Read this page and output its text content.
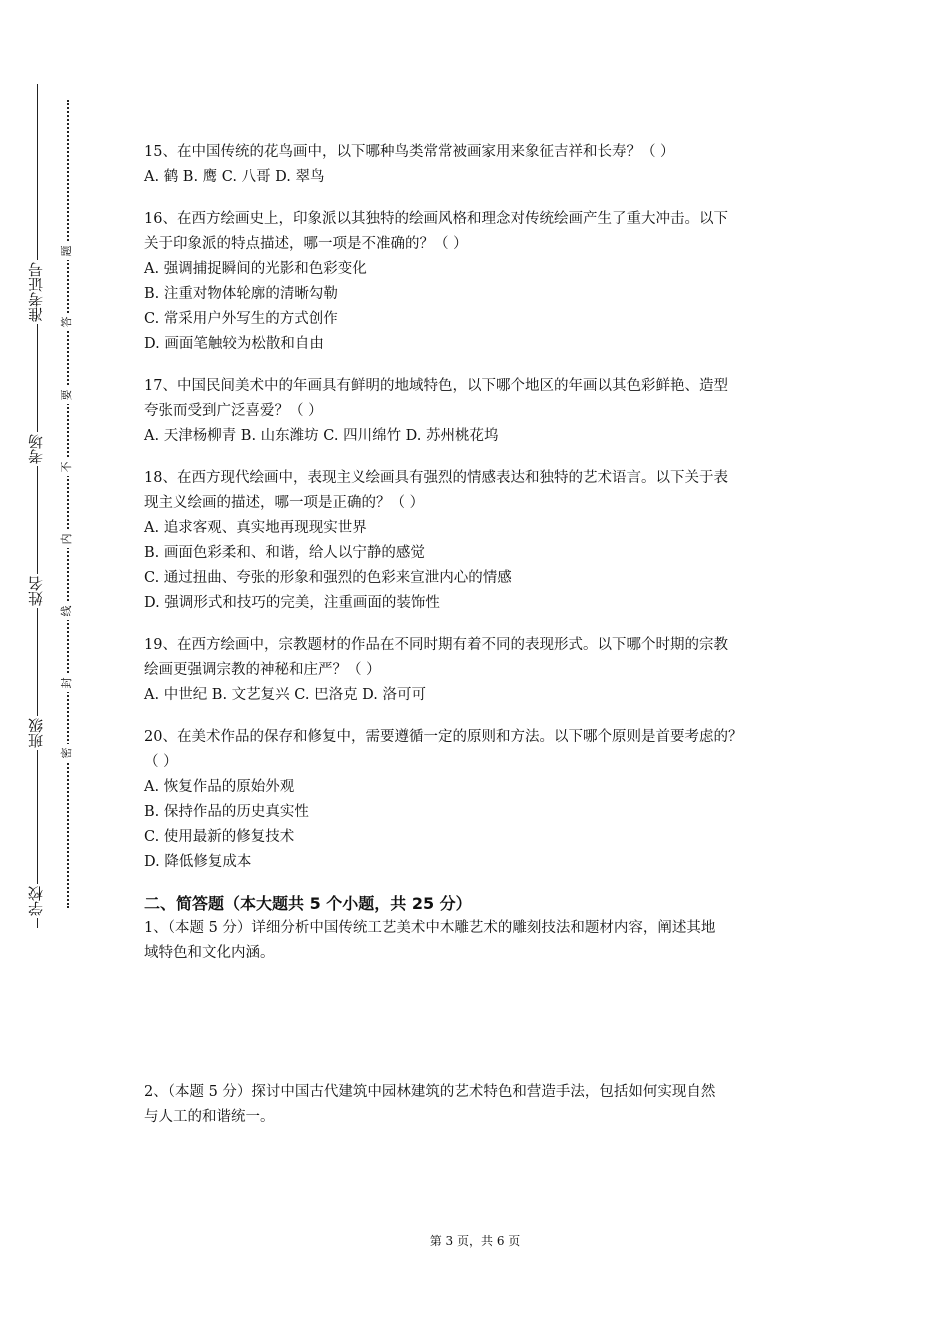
准考证号
考场
姓名
班级
学校
题
答
要
不
内
线
封
密
15、在中国传统的花鸟画中，以下哪种鸟类常常被画家用来象征吉祥和长寿？（ ）
A. 鹤 B. 鹰 C. 八哥 D. 翠鸟
16、在西方绘画史上，印象派以其独特的绘画风格和理念对传统绘画产生了重大冲击。以下
关于印象派的特点描述，哪一项是不准确的？（ ）
A. 强调捕捉瞬间的光影和色彩变化
B. 注重对物体轮廓的清晰勾勒
C. 常采用户外写生的方式创作
D. 画面笔触较为松散和自由
17、中国民间美术中的年画具有鲜明的地域特色，以下哪个地区的年画以其色彩鲜艳、造型
夸张而受到广泛喜爱？（ ）
A. 天津杨柳青 B. 山东潍坊 C. 四川绵竹 D. 苏州桃花坞
18、在西方现代绘画中，表现主义绘画具有强烈的情感表达和独特的艺术语言。以下关于表
现主义绘画的描述，哪一项是正确的？（ ）
A. 追求客观、真实地再现现实世界
B. 画面色彩柔和、和谐，给人以宁静的感觉
C. 通过扭曲、夸张的形象和强烈的色彩来宣泄内心的情感
D. 强调形式和技巧的完美，注重画面的装饰性
19、在西方绘画中，宗教题材的作品在不同时期有着不同的表现形式。以下哪个时期的宗教
绘画更强调宗教的神秘和庄严？（ ）
A. 中世纪 B. 文艺复兴 C. 巴洛克 D. 洛可可
20、在美术作品的保存和修复中，需要遵循一定的原则和方法。以下哪个原则是首要考虑的？
（ ）
A. 恢复作品的原始外观
B. 保持作品的历史真实性
C. 使用最新的修复技术
D. 降低修复成本
二、简答题（本大题共 5 个小题，共 25 分）
1、（本题 5 分）详细分析中国传统工艺美术中木雕艺术的雕刻技法和题材内容，阐述其地
域特色和文化内涵。
2、（本题 5 分）探讨中国古代建筑中园林建筑的艺术特色和营造手法，包括如何实现自然
与人工的和谐统一。
第 3 页，共 6 页
